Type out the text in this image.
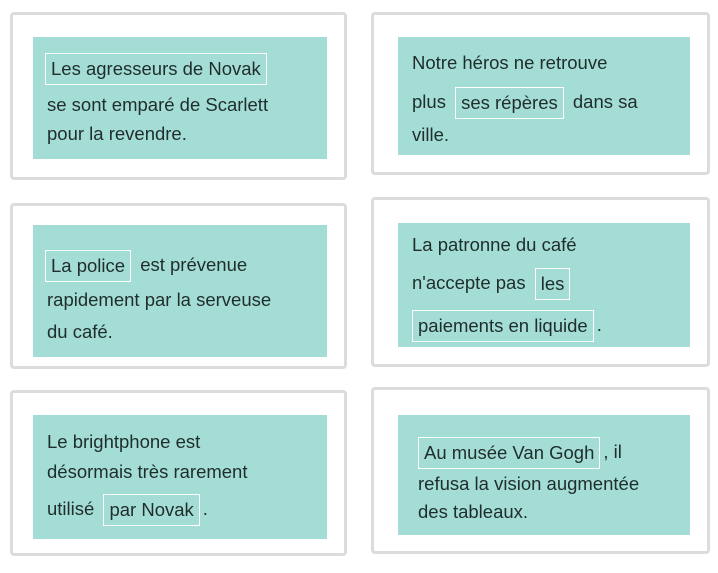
Les agresseurs de Novak
se sont emparé de Scarlett
pour la revendre.
Notre héros ne retrouve
plus ses répères dans sa
ville.
La police est prévenue
rapidement par la serveuse
du café.
La patronne du café
n'accepte pas les
paiements en liquide .
Le brightphone est
désormais très rarement
utilisé par Novak .
Au musée Van Gogh , il
refusa la vision augmentée
des tableaux.
